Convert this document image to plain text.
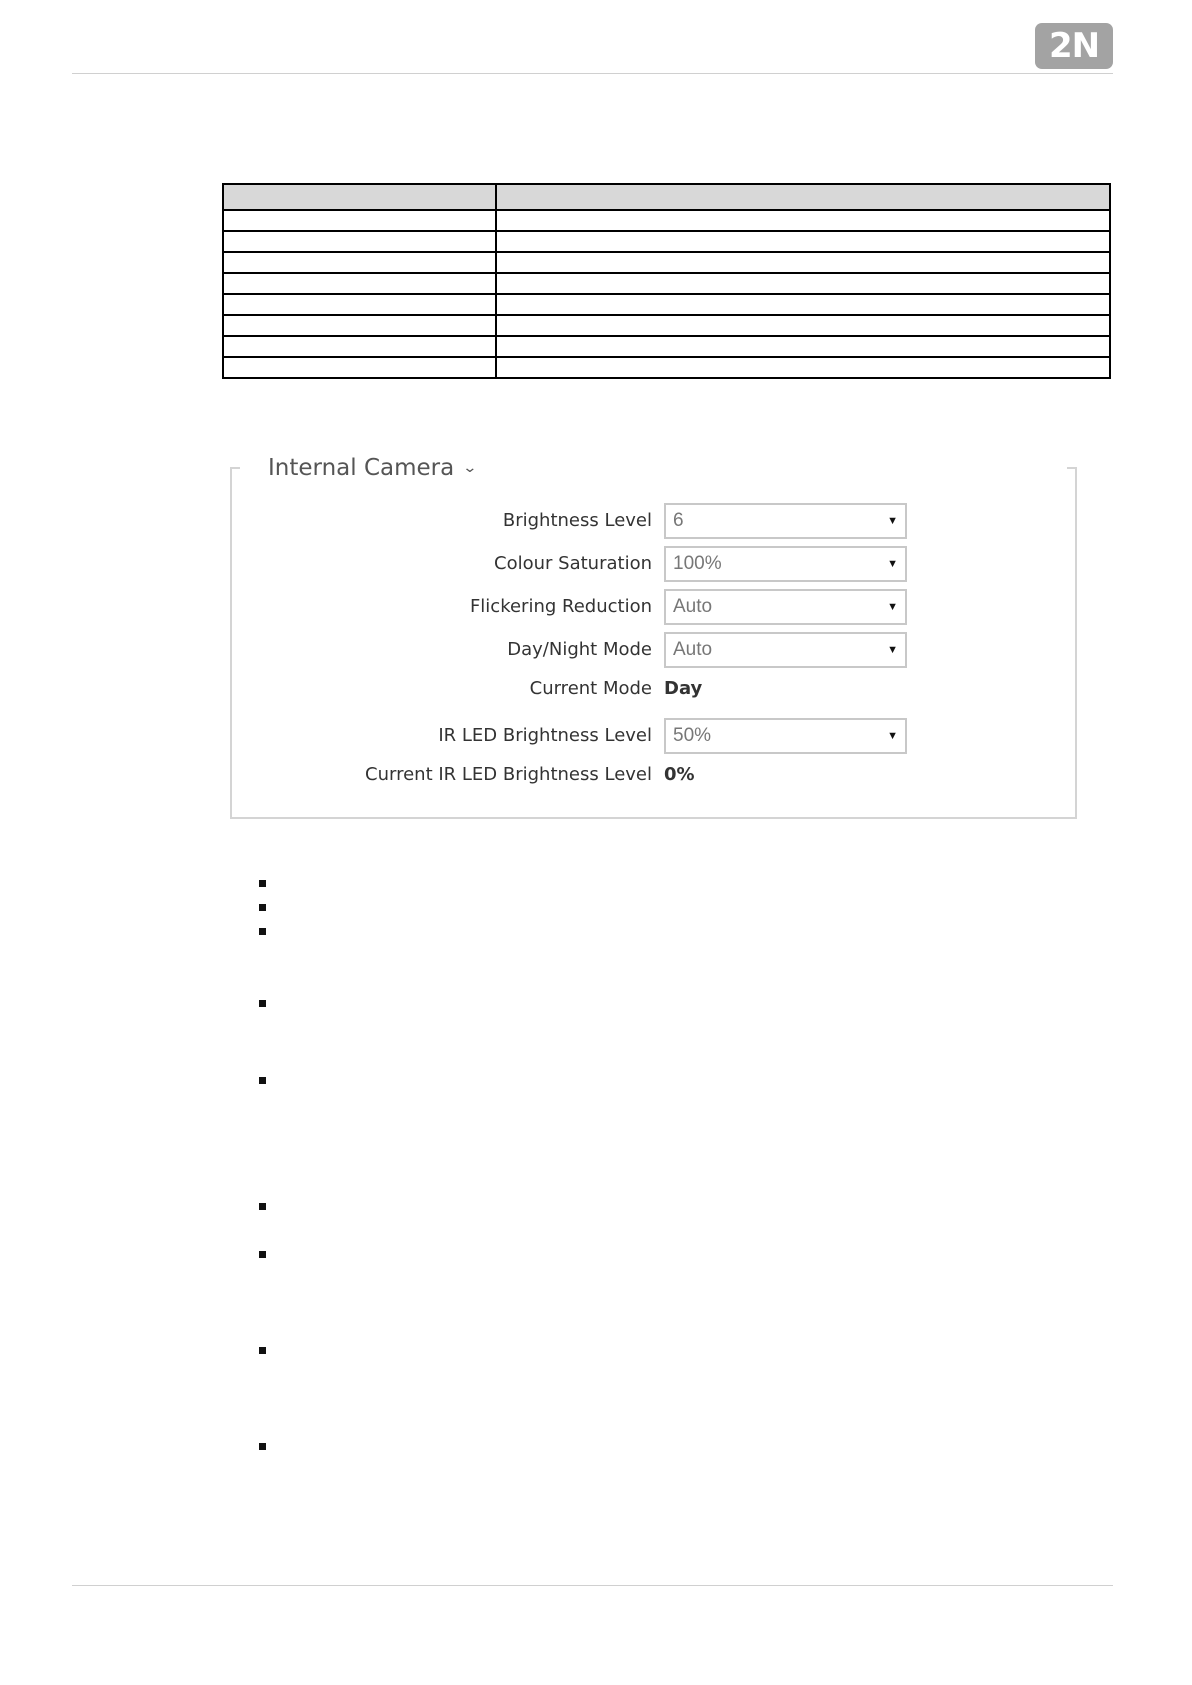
2N

Internal Camera ⌄
Brightness Level	6	▼
Colour Saturation	100%	▼
Flickering Reduction	Auto	▼
Day/Night Mode	Auto	▼
Current Mode Day
IR LED Brightness Level	50%	▼
Current IR LED Brightness Level 0%
